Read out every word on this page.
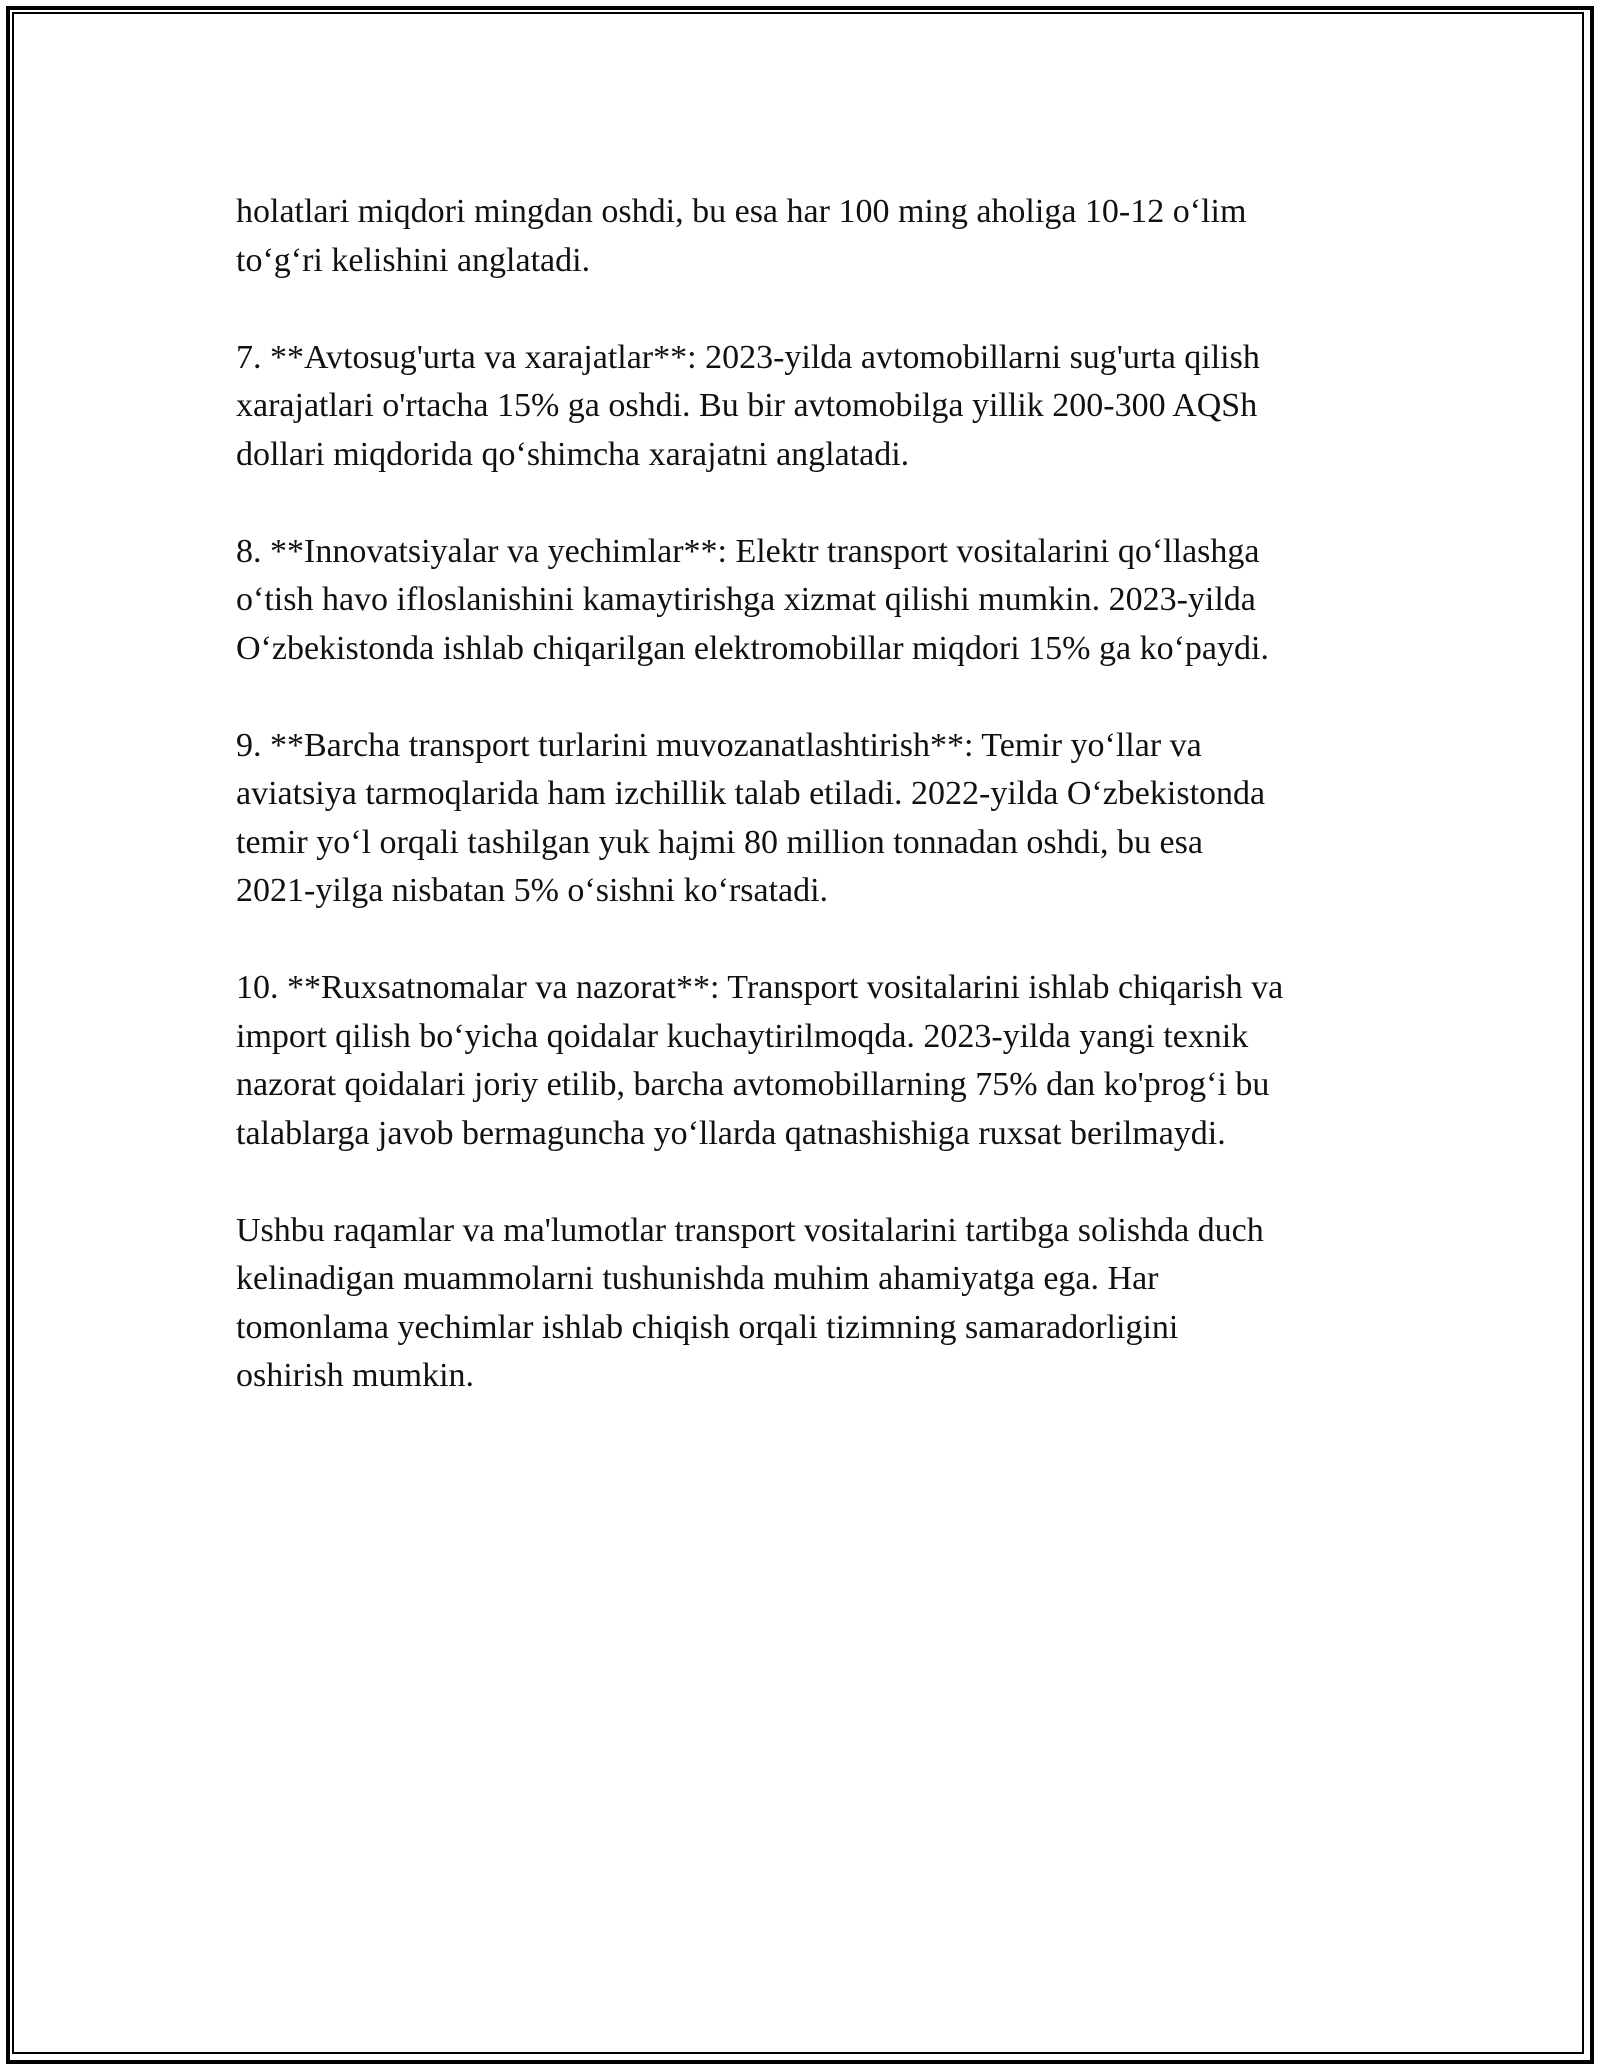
holatlari miqdori mingdan oshdi, bu esa har 100 ming aholiga 10-12 o‘lim
to‘g‘ri kelishini anglatadi.

7. **Avtosug'urta va xarajatlar**: 2023-yilda avtomobillarni sug'urta qilish
xarajatlari o'rtacha 15% ga oshdi. Bu bir avtomobilga yillik 200-300 AQSh
dollari miqdorida qo‘shimcha xarajatni anglatadi.

8. **Innovatsiyalar va yechimlar**: Elektr transport vositalarini qo‘llashga
o‘tish havo ifloslanishini kamaytirishga xizmat qilishi mumkin. 2023-yilda
O‘zbekistonda ishlab chiqarilgan elektromobillar miqdori 15% ga ko‘paydi.

9. **Barcha transport turlarini muvozanatlashtirish**: Temir yo‘llar va
aviatsiya tarmoqlarida ham izchillik talab etiladi. 2022-yilda O‘zbekistonda
temir yo‘l orqali tashilgan yuk hajmi 80 million tonnadan oshdi, bu esa
2021-yilga nisbatan 5% o‘sishni ko‘rsatadi.

10. **Ruxsatnomalar va nazorat**: Transport vositalarini ishlab chiqarish va
import qilish bo‘yicha qoidalar kuchaytirilmoqda. 2023-yilda yangi texnik
nazorat qoidalari joriy etilib, barcha avtomobillarning 75% dan ko'prog‘i bu
talablarga javob bermaguncha yo‘llarda qatnashishiga ruxsat berilmaydi.

Ushbu raqamlar va ma'lumotlar transport vositalarini tartibga solishda duch
kelinadigan muammolarni tushunishda muhim ahamiyatga ega. Har
tomonlama yechimlar ishlab chiqish orqali tizimning samaradorligini
oshirish mumkin.
